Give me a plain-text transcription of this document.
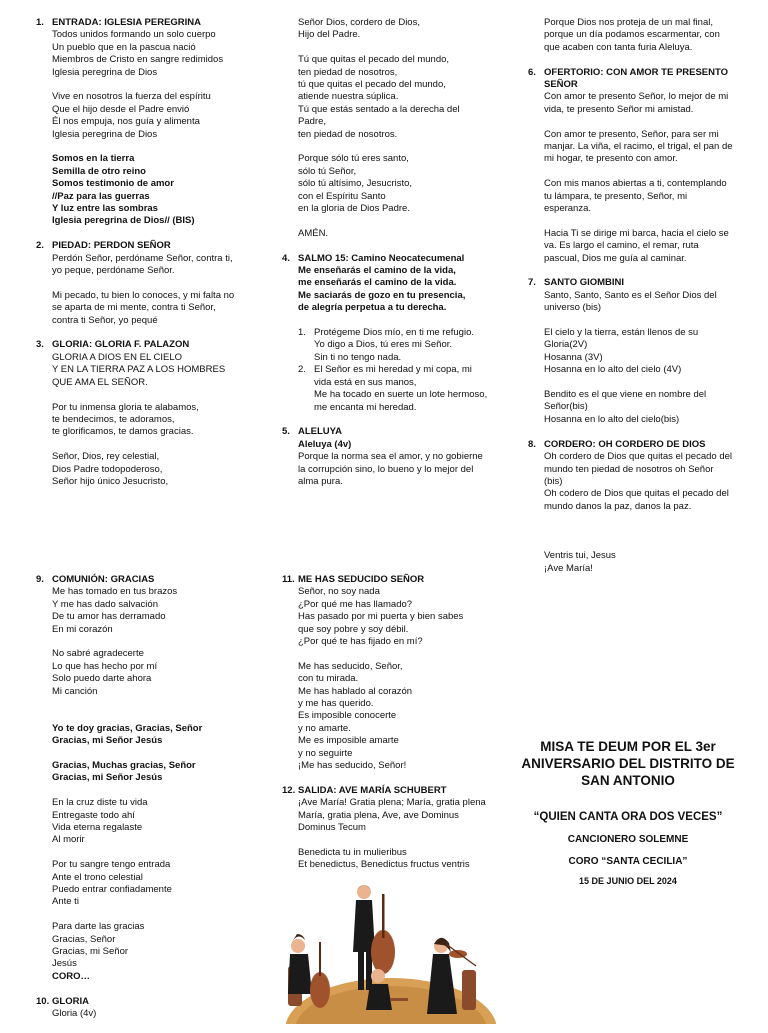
1. ENTRADA: IGLESIA PEREGRINA
Todos unidos formando un solo cuerpo
Un pueblo que en la pascua nació
Miembros de Cristo en sangre redimidos
Iglesia peregrina de Dios
Vive en nosotros la fuerza del espíritu
Que el hijo desde el Padre envió
Él nos empuja, nos guía y alimenta
Iglesia peregrina de Dios
Somos en la tierra
Semilla de otro reino
Somos testimonio de amor
//Paz para las guerras
Y luz entre las sombras
Iglesia peregrina de Dios// (BIS)
2. PIEDAD: PERDON SEÑOR
Perdón Señor, perdóname Señor, contra ti,
yo peque, perdóname Señor.
Mi pecado, tu bien lo conoces, y mi falta no
se aparta de mi mente, contra ti Señor,
contra ti Señor, yo pequé
3. GLORIA: GLORIA F. PALAZON
GLORIA A DIOS EN EL CIELO
Y EN LA TIERRA PAZ A LOS HOMBRES
QUE AMA EL SEÑOR.
Por tu inmensa gloria te alabamos,
te bendecimos, te adoramos,
te glorificamos, te damos gracias.
Señor, Dios, rey celestial,
Dios Padre todopoderoso,
Señor hijo único Jesucristo,
9. COMUNIÓN: GRACIAS
Me has tomado en tus brazos
Y me has dado salvación
De tu amor has derramado
En mi corazón
No sabré agradecerte
Lo que has hecho por mí
Solo puedo darte ahora
Mi canción
Yo te doy gracias, Gracias, Señor
Gracias, mi Señor Jesús
Gracias, Muchas gracias, Señor
Gracias, mi Señor Jesús
En la cruz diste tu vida
Entregaste todo ahí
Vida eterna regalaste
Al morir
Por tu sangre tengo entrada
Ante el trono celestial
Puedo entrar confiadamente
Ante ti
Para darte las gracias
Gracias, Señor
Gracias, mi Señor
Jesús
CORO…
10. GLORIA
Gloria (4v)
Señor Dios, cordero de Dios,
Hijo del Padre.
Tú que quitas el pecado del mundo,
ten piedad de nosotros,
tú que quitas el pecado del mundo,
atiende nuestra súplica.
Tú que estás sentado a la derecha del
Padre,
ten piedad de nosotros.
Porque sólo tú eres santo,
sólo tú Señor,
sólo tú altísimo, Jesucristo,
con el Espíritu Santo
en la gloria de Dios Padre.
AMÉN.
4. SALMO 15: Camino Neocatecumenal
Me enseñarás el camino de la vida,
me enseñarás el camino de la vida.
Me saciarás de gozo en tu presencia,
de alegría perpetua a tu derecha.
1. Protégeme Dios mío, en ti me refugio.
Yo digo a Dios, tú eres mi Señor.
Sin ti no tengo nada.
2. El Señor es mi heredad y mi copa, mi
vida está en sus manos,
Me ha tocado en suerte un lote hermoso,
me encanta mi heredad.
5. ALELUYA
Aleluya (4v)
Porque la norma sea el amor, y no gobierne
la corrupción sino, lo bueno y lo mejor del
alma pura.
11. ME HAS SEDUCIDO SEÑOR
Señor, no soy nada
¿Por qué me has llamado?
Has pasado por mi puerta y bien sabes
que soy pobre y soy débil.
¿Por qué te has fijado en mí?
Me has seducido, Señor,
con tu mirada.
Me has hablado al corazón
y me has querido.
Es imposible conocerte
y no amarte.
Me es imposible amarte
y no seguirte
¡Me has seducido, Señor!
12. SALIDA: AVE MARÍA SCHUBERT
¡Ave María! Gratia plena; María, gratia plena
María, gratia plena, Ave, ave Dominus
Dominus Tecum
Benedicta tu in mulieribus
Et benedictus, Benedictus fructus ventris
Porque Dios nos proteja de un mal final,
porque un día podamos escarmentar, con
que acaben con tanta furia Aleluya.
6. OFERTORIO: CON AMOR TE PRESENTO
SEÑOR
Con amor te presento Señor, lo mejor de mi
vida, te presento Señor mi amistad.
Con amor te presento, Señor, para ser mi
manjar. La viña, el racimo, el trigal, el pan de
mi hogar, te presento con amor.
Con mis manos abiertas a ti, contemplando
tu lámpara, te presento, Señor, mi
esperanza.
Hacia Ti se dirige mi barca, hacia el cielo se
va. Es largo el camino, el remar, ruta
pascual, Dios me guía al caminar.
7. SANTO GIOMBINI
Santo, Santo, Santo es el Señor Dios del
universo (bis)
El cielo y la tierra, están llenos de su
Gloria(2V)
Hosanna (3V)
Hosanna en lo alto del cielo (4V)
Bendito es el que viene en nombre del
Señor(bis)
Hosanna en lo alto del cielo(bis)
8. CORDERO: OH CORDERO DE DIOS
Oh cordero de Dios que quitas el pecado del
mundo ten piedad de nosotros oh Señor
(bis)
Oh codero de Dios que quitas el pecado del
mundo danos la paz, danos la paz.
Ventris tui, Jesus
¡Ave María!
MISA TE DEUM POR EL 3er
ANIVERSARIO DEL DISTRITO DE
SAN ANTONIO
“QUIEN CANTA ORA DOS VECES”
CANCIONERO SOLEMNE
CORO “SANTA CECILIA”
15 DE JUNIO DEL 2024
